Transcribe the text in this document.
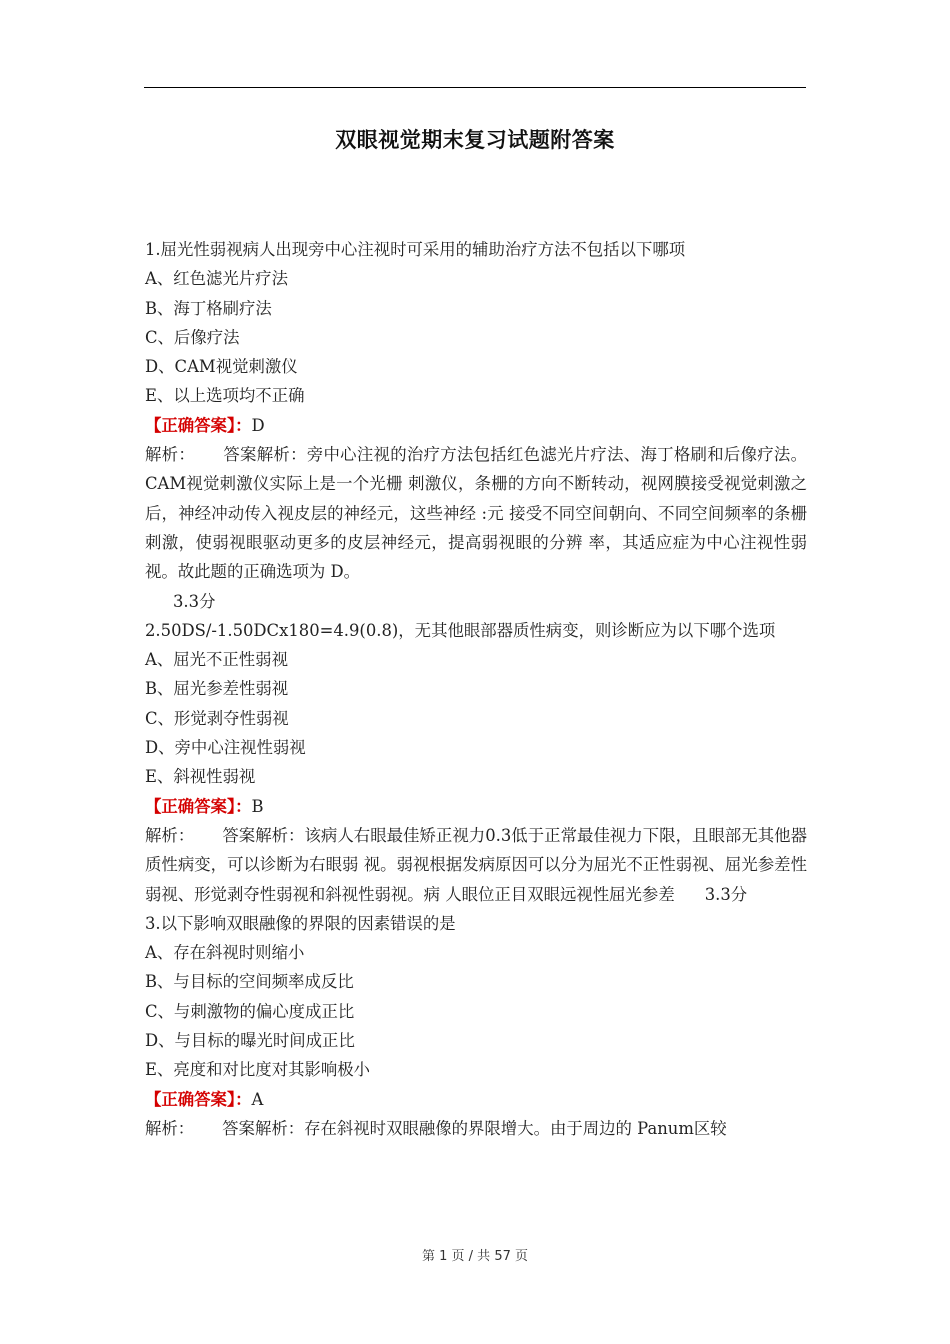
双眼视觉期末复习试题附答案
1.屈光性弱视病人出现旁中心注视时可采用的辅助治疗方法不包括以下哪项
A、红色滤光片疗法
B、海丁格刷疗法
C、后像疗法
D、CAM视觉刺激仪
E、以上选项均不正确
【正确答案】：D
解析： 答案解析：旁中心注视的治疗方法包括红色滤光片疗法、海丁格刷和后像疗法。 CAM视觉刺激仪实际上是一个光栅 刺激仪，条栅的方向不断转动，视网膜接受视觉刺激之后，神经冲动传入视皮层的神经元，这些神经 :元 接受不同空间朝向、不同空间频率的条栅刺激，使弱视眼驱动更多的皮层神经元，提高弱视眼的分辨 率，其适应症为中心注视性弱视。故此题的正确选项为 D。
3.3分
2.50DS/-1.50DCx180=4.9(0.8)，无其他眼部器质性病变，则诊断应为以下哪个选项
A、屈光不正性弱视
B、屈光参差性弱视
C、形觉剥夺性弱视
D、旁中心注视性弱视
E、斜视性弱视
【正确答案】：B
解析： 答案解析：该病人右眼最佳矫正视力0.3低于正常最佳视力下限，且眼部无其他器质性病变，可以诊断为右眼弱 视。弱视根据发病原因可以分为屈光不正性弱视、屈光参差性弱视、形觉剥夺性弱视和斜视性弱视。病 人眼位正目双眼远视性屈光参差 3.3分
3.以下影响双眼融像的界限的因素错误的是
A、存在斜视时则缩小
B、与目标的空间频率成反比
C、与刺激物的偏心度成正比
D、与目标的曝光时间成正比
E、亮度和对比度对其影响极小
【正确答案】：A
解析： 答案解析：存在斜视时双眼融像的界限增大。由于周边的 Panum区较
第 1 页 / 共 57 页
